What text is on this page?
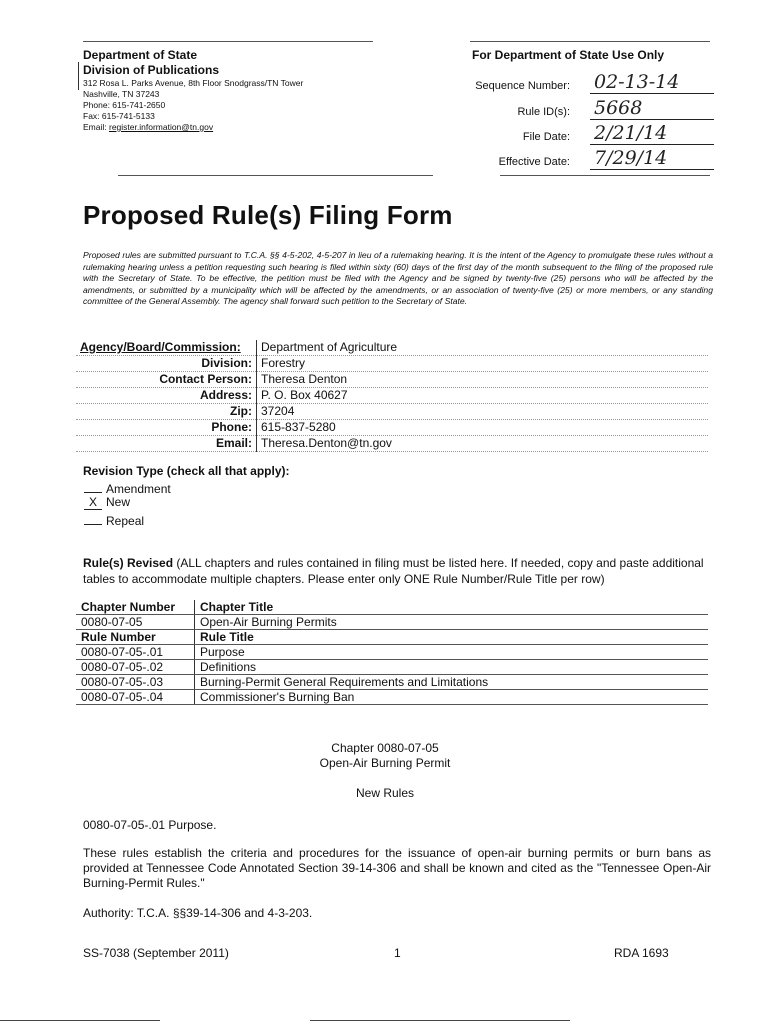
Department of State
Division of Publications
312 Rosa L. Parks Avenue, 8th Floor Snodgrass/TN Tower
Nashville, TN 37243
Phone: 615-741-2650
Fax: 615-741-5133
Email: register.information@tn.gov
For Department of State Use Only
Sequence Number: 02-13-14
Rule ID(s): 5668
File Date: 2/21/14
Effective Date: 7/29/14
Proposed Rule(s) Filing Form
Proposed rules are submitted pursuant to T.C.A. §§ 4-5-202, 4-5-207 in lieu of a rulemaking hearing. It is the intent of the Agency to promulgate these rules without a rulemaking hearing unless a petition requesting such hearing is filed within sixty (60) days of the first day of the month subsequent to the filing of the proposed rule with the Secretary of State. To be effective, the petition must be filed with the Agency and be signed by twenty-five (25) persons who will be affected by the amendments, or submitted by a municipality which will be affected by the amendments, or an association of twenty-five (25) or more members, or any standing committee of the General Assembly. The agency shall forward such petition to the Secretary of State.
Agency/Board/Commission:	Department of Agriculture
Division:	Forestry
Contact Person:	Theresa Denton
Address:	P. O. Box 40627
Zip:	37204
Phone:	615-837-5280
Email:	Theresa.Denton@tn.gov
Revision Type (check all that apply):
Amendment
X New
Repeal
Rule(s) Revised (ALL chapters and rules contained in filing must be listed here. If needed, copy and paste additional tables to accommodate multiple chapters. Please enter only ONE Rule Number/Rule Title per row)
Chapter Number	Chapter Title
0080-07-05	Open-Air Burning Permits
Rule Number	Rule Title
0080-07-05-.01	Purpose
0080-07-05-.02	Definitions
0080-07-05-.03	Burning-Permit General Requirements and Limitations
0080-07-05-.04	Commissioner's Burning Ban
Chapter 0080-07-05
Open-Air Burning Permit
New Rules
0080-07-05-.01 Purpose.
These rules establish the criteria and procedures for the issuance of open-air burning permits or burn bans as provided at Tennessee Code Annotated Section 39-14-306 and shall be known and cited as the "Tennessee Open-Air Burning-Permit Rules."
Authority: T.C.A. §§39-14-306 and 4-3-203.
SS-7038 (September 2011)	1	RDA 1693
